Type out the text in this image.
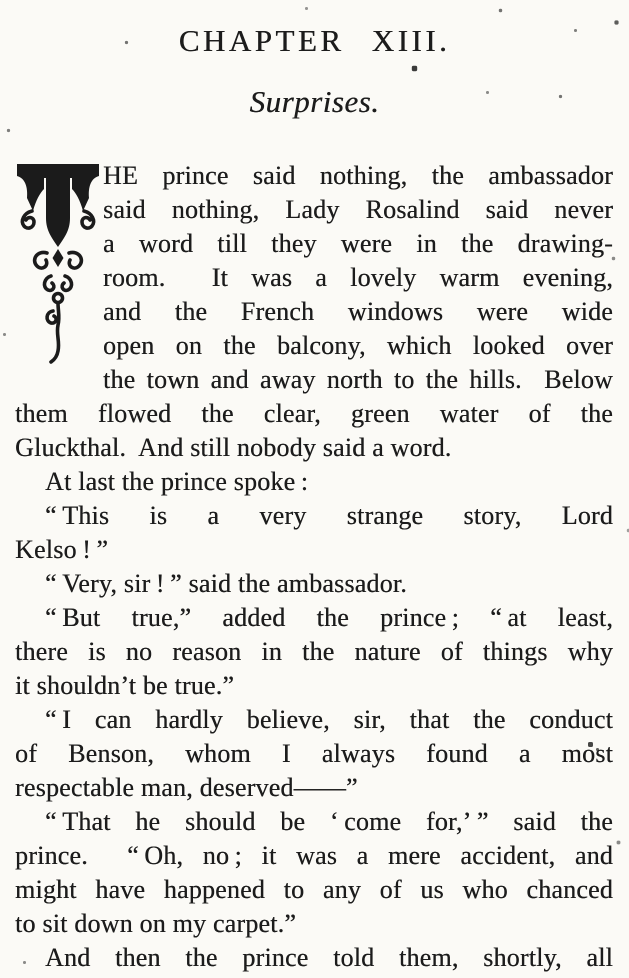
CHAPTER XIII.
Surprises.
HE prince said nothing, the ambassador
said nothing, Lady Rosalind said never
a word till they were in the drawing-
room.  It was a lovely warm evening,
and the French windows were wide
open on the balcony, which looked over
the town and away north to the hills.  Below
them flowed the clear, green water of the
Gluckthal.  And still nobody said a word.
At last the prince spoke :
“ This is a very strange story, Lord
Kelso ! ”
“ Very, sir ! ” said the ambassador.
“ But true,” added the prince ; “ at least,
there is no reason in the nature of things why
it shouldn’t be true.”
“ I can hardly believe, sir, that the conduct
of Benson, whom I always found a most
respectable man, deserved——”
“ That he should be ‘ come for,’ ” said the
prince.  “ Oh, no ; it was a mere accident, and
might have happened to any of us who chanced
to sit down on my carpet.”
And then the prince told them, shortly, all
